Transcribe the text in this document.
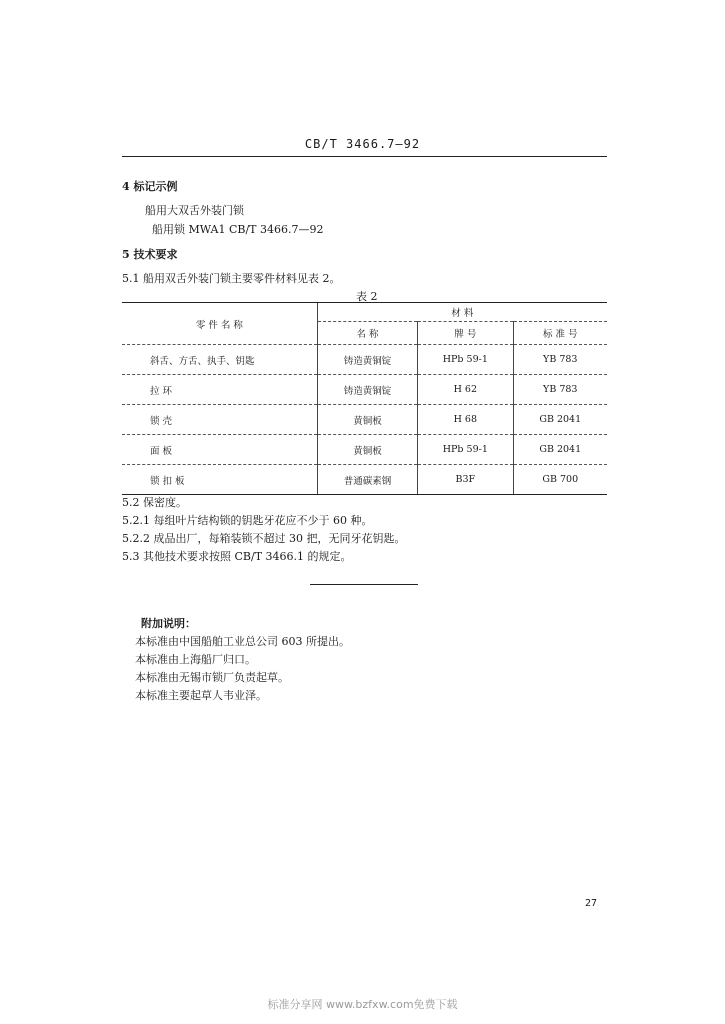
CB/T 3466.7—92
4 标记示例
船用大双舌外装门锁
船用锁 MWA1 CB/T 3466.7—92
5 技术要求
5.1 船用双舌外装门锁主要零件材料见表 2。
表 2
零 件 名 称	材 料		
	名 称	牌 号	标 准 号
斜舌、方舌、执手、钥匙	铸造黄铜锭	HPb 59-1	YB 783
拉 环	铸造黄铜锭	H 62	YB 783
锁 壳	黄铜板	H 68	GB 2041
面 板	黄铜板	HPb 59-1	GB 2041
锁 扣 板	普通碳素钢	B3F	GB 700
5.2 保密度。
5.2.1 每组叶片结构锁的钥匙牙花应不少于 60 种。
5.2.2 成品出厂，每箱装锁不超过 30 把，无同牙花钥匙。
5.3 其他技术要求按照 CB/T 3466.1 的规定。
附加说明：
本标准由中国船舶工业总公司 603 所提出。
本标准由上海船厂归口。
本标准由无锡市锁厂负责起草。
本标准主要起草人韦业泽。
27
标准分享网 www.bzfxw.com免费下载
